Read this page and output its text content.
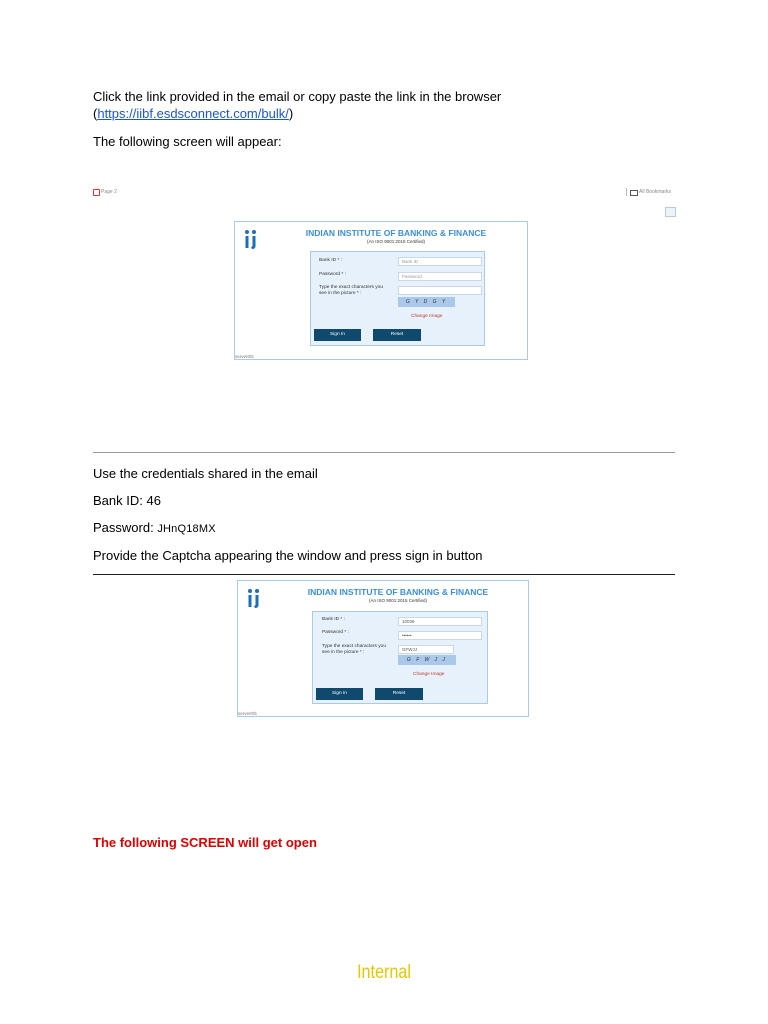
Click the link provided in the email or copy paste the link in the browser
(https://iibf.esdsconnect.com/bulk/)

The following screen will appear:

Page 2	All Bookmarks
INDIAN INSTITUTE OF BANKING & FINANCE
(An ISO 9001:2015 Certified)
Bank ID * :	Bank ID
Password * :	Password
Type the exact characters you see in the picture * :
G Y D G Y
Change Image
Sign In	Reset
server0/5

Use the credentials shared in the email

Bank ID: 46

Password: JHnQ18MX

Provide the Captcha appearing the window and press sign in button

INDIAN INSTITUTE OF BANKING & FINANCE
(An ISO 9001:2015 Certified)
Bank ID * :	10039
Password * :
••••••
Type the exact characters you see in the picture * :
GFWJJ
G F W J J
Change Image
Sign In	Reset
server0/5

The following SCREEN will get open

Internal
